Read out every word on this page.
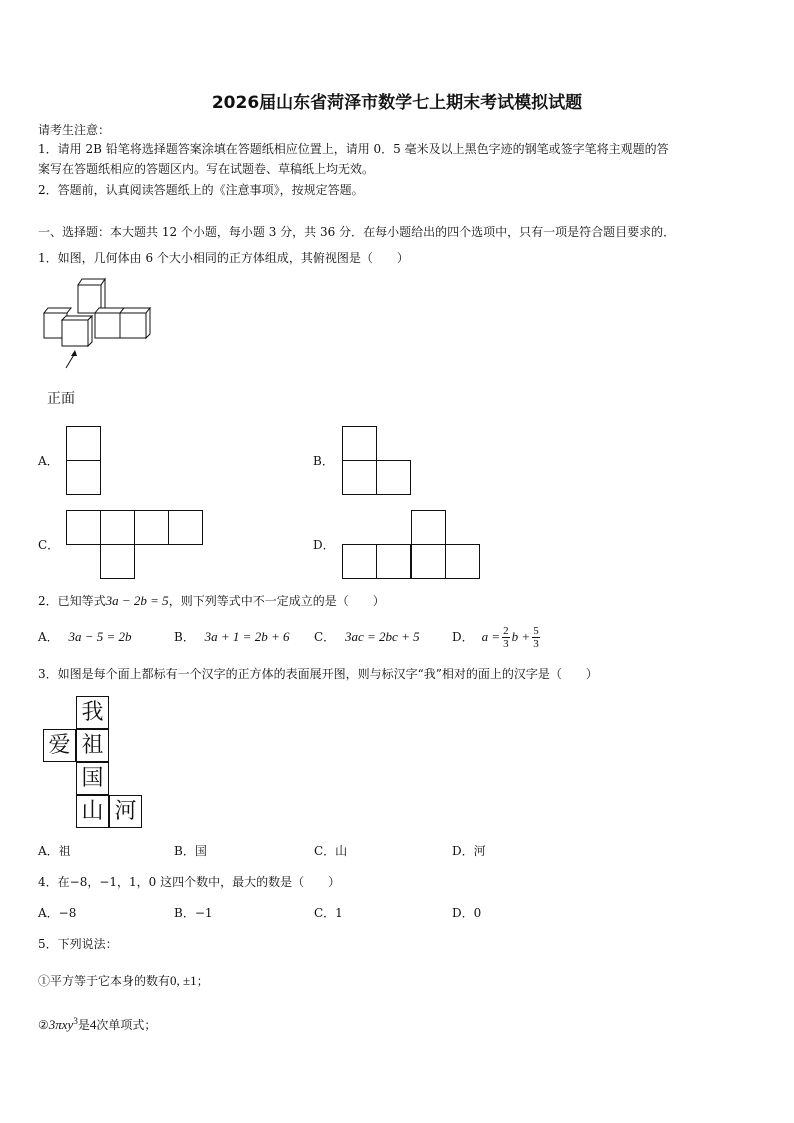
2026届山东省菏泽市数学七上期末考试模拟试题
请考生注意：
1．请用 2B 铅笔将选择题答案涂填在答题纸相应位置上，请用 0．5 毫米及以上黑色字迹的钢笔或签字笔将主观题的答
案写在答题纸相应的答题区内。写在试题卷、草稿纸上均无效。
2．答题前，认真阅读答题纸上的《注意事项》，按规定答题。
一、选择题：本大题共 12 个小题，每小题 3 分，共 36 分．在每小题给出的四个选项中，只有一项是符合题目要求的．
1．如图，几何体由 6 个大小相同的正方体组成，其俯视图是（　　）
正面
A．	B．
C．	D．
2．已知等式3a − 2b = 5，则下列等式中不一定成立的是（　　）
A． 3a − 5 = 2b	B． 3a + 1 = 2b + 6 C． 3ac = 2bc + 5	D． $a = \frac{2}{3}$ $b + \frac{5}{3}$
3．如图是每个面上都标有一个汉字的正方体的表面展开图，则与标汉字“我”相对的面上的汉字是（　　）
我
爱 祖
国
山 河
A．祖	B．国	C．山	D．河
4．在−8，−1，1，0 这四个数中，最大的数是（　　）
A．−8	B．−1	C．1	D．0
5．下列说法：
①平方等于它本身的数有0, ±1；
②3πxy$^3$是4次单项式；
